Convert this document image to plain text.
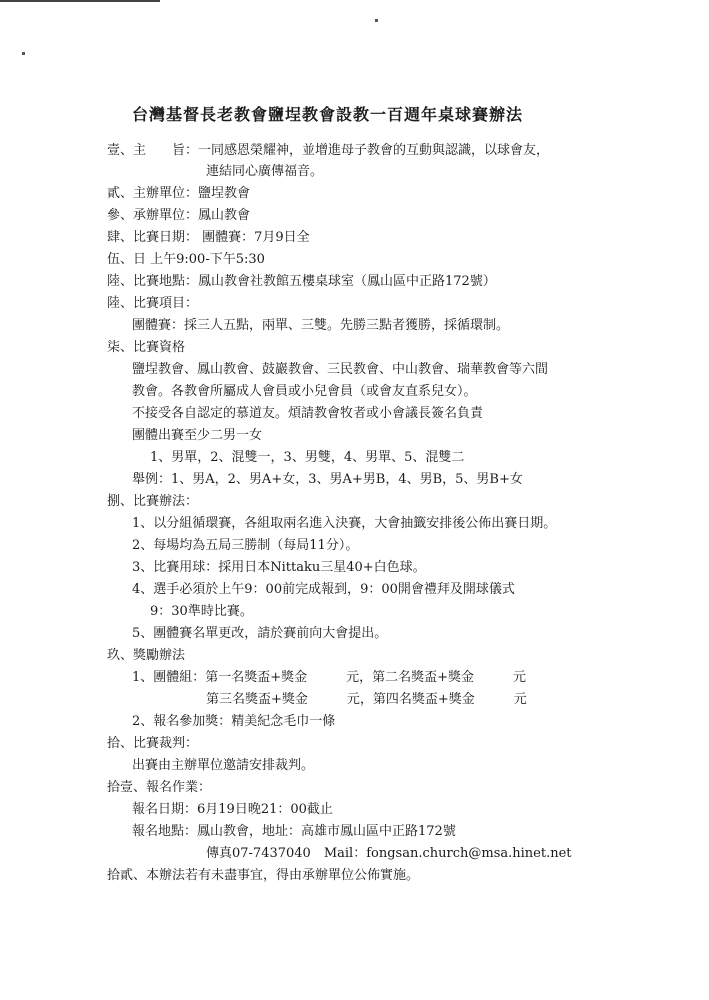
台灣基督長老教會鹽埕教會設教一百週年桌球賽辦法
壹、主　　旨：一同感恩榮耀神，並增進母子教會的互動與認識，以球會友，
連結同心廣傳福音。
貳、主辦單位：鹽埕教會
參、承辦單位：鳳山教會
肆、比賽日期： 團體賽：7月9日全
伍、日 上午9:00-下午5:30
陸、比賽地點：鳳山教會社教館五樓桌球室（鳳山區中正路172號）
陸、比賽項目：
團體賽：採三人五點，兩單、三雙。先勝三點者獲勝，採循環制。
柒、比賽資格
鹽埕教會、鳳山教會、鼓巖教會、三民教會、中山教會、瑞華教會等六間
教會。各教會所屬成人會員或小兒會員（或會友直系兒女）。
不接受各自認定的慕道友。煩請教會牧者或小會議長簽名負責
團體出賽至少二男一女
1、男單，2、混雙一，3、男雙，4、男單、5、混雙二
舉例：1、男A，2、男A+女，3、男A+男B，4、男B，5、男B+女
捌、比賽辦法：
1、以分組循環賽，各組取兩名進入決賽，大會抽籤安排後公佈出賽日期。
2、每場均為五局三勝制（每局11分）。
3、比賽用球：採用日本Nittaku三星40+白色球。
4、選手必須於上午9：00前完成報到，9：00開會禮拜及開球儀式
9：30準時比賽。
5、團體賽名單更改，請於賽前向大會提出。
玖、獎勵辦法
1、團體組：第一名獎盃+獎金　　　元，第二名獎盃+獎金　　　元
第三名獎盃+獎金　　　元，第四名獎盃+獎金　　　元
2、報名參加獎：精美紀念毛巾一條
拾、比賽裁判：
出賽由主辦單位邀請安排裁判。
拾壹、報名作業：
報名日期：6月19日晚21：00截止
報名地點：鳳山教會，地址：高雄市鳳山區中正路172號
傳真07-7437040　Mail：fongsan.church@msa.hinet.net
拾貳、本辦法若有未盡事宜，得由承辦單位公佈實施。
